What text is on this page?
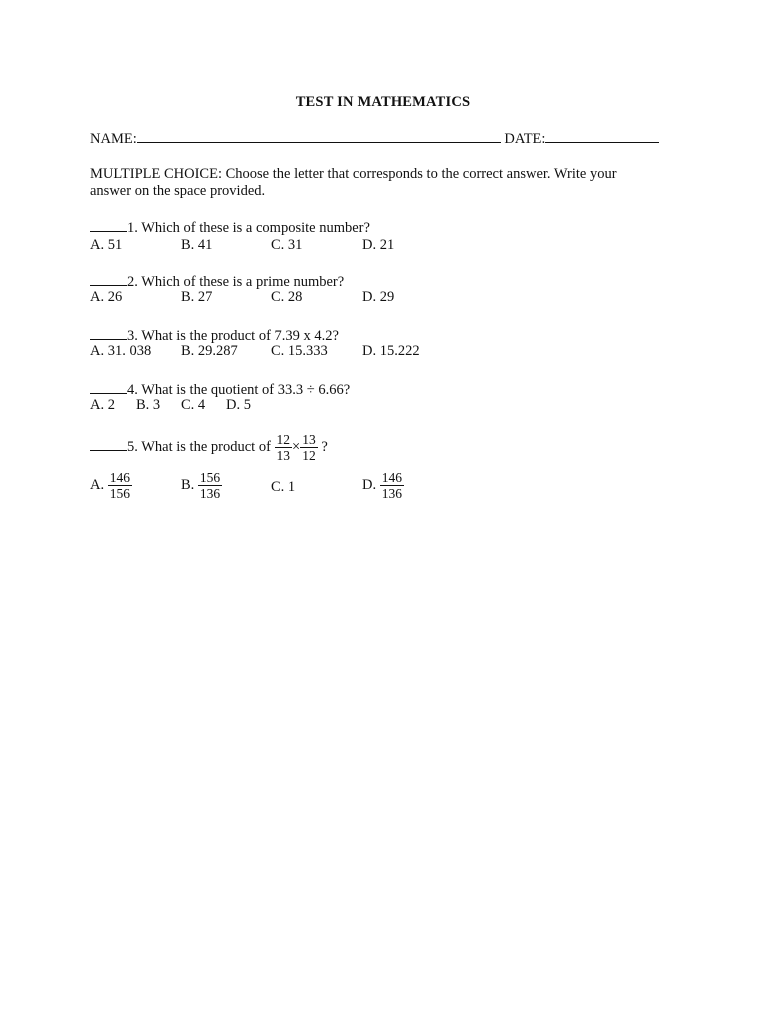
TEST IN MATHEMATICS
NAME:	DATE:
MULTIPLE CHOICE: Choose the letter that corresponds to the correct answer. Write your answer on the space provided.
1. Which of these is a composite number?
A. 51	B. 41	C. 31	D. 21
2. Which of these is a prime number?
A. 26	B. 27	C. 28	D. 29
3. What is the product of 7.39 x 4.2?
A. 31. 038 B. 29.287 C. 15.333 D. 15.222
4. What is the quotient of 33.3 ÷ 6.66?
A. 2 B. 3 C. 4 D. 5
5. What is the product of $\frac{12}{13} \times \frac{13}{12}$ ?
A. $\frac{146}{156}$	B. $\frac{156}{136}$	C. 1	D. $\frac{146}{136}$
